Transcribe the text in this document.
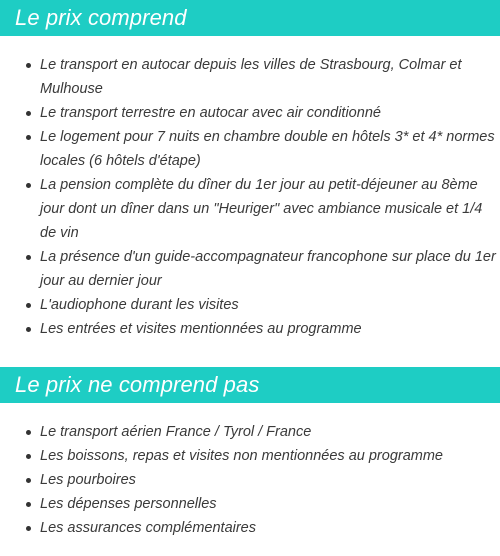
Le prix comprend
Le transport en autocar depuis les villes de Strasbourg, Colmar et Mulhouse
Le transport terrestre en autocar avec air conditionné
Le logement pour 7 nuits en chambre double en hôtels 3* et 4* normes locales (6 hôtels d'étape)
La pension complète du dîner du 1er jour au petit-déjeuner au 8ème jour dont un dîner dans un "Heuriger" avec ambiance musicale et 1/4 de vin
La présence d'un guide-accompagnateur francophone sur place du 1er jour au dernier jour
L'audiophone durant les visites
Les entrées et visites mentionnées au programme
Le prix ne comprend pas
Le transport aérien France / Tyrol / France
Les boissons, repas et visites non mentionnées au programme
Les pourboires
Les dépenses personnelles
Les assurances complémentaires
